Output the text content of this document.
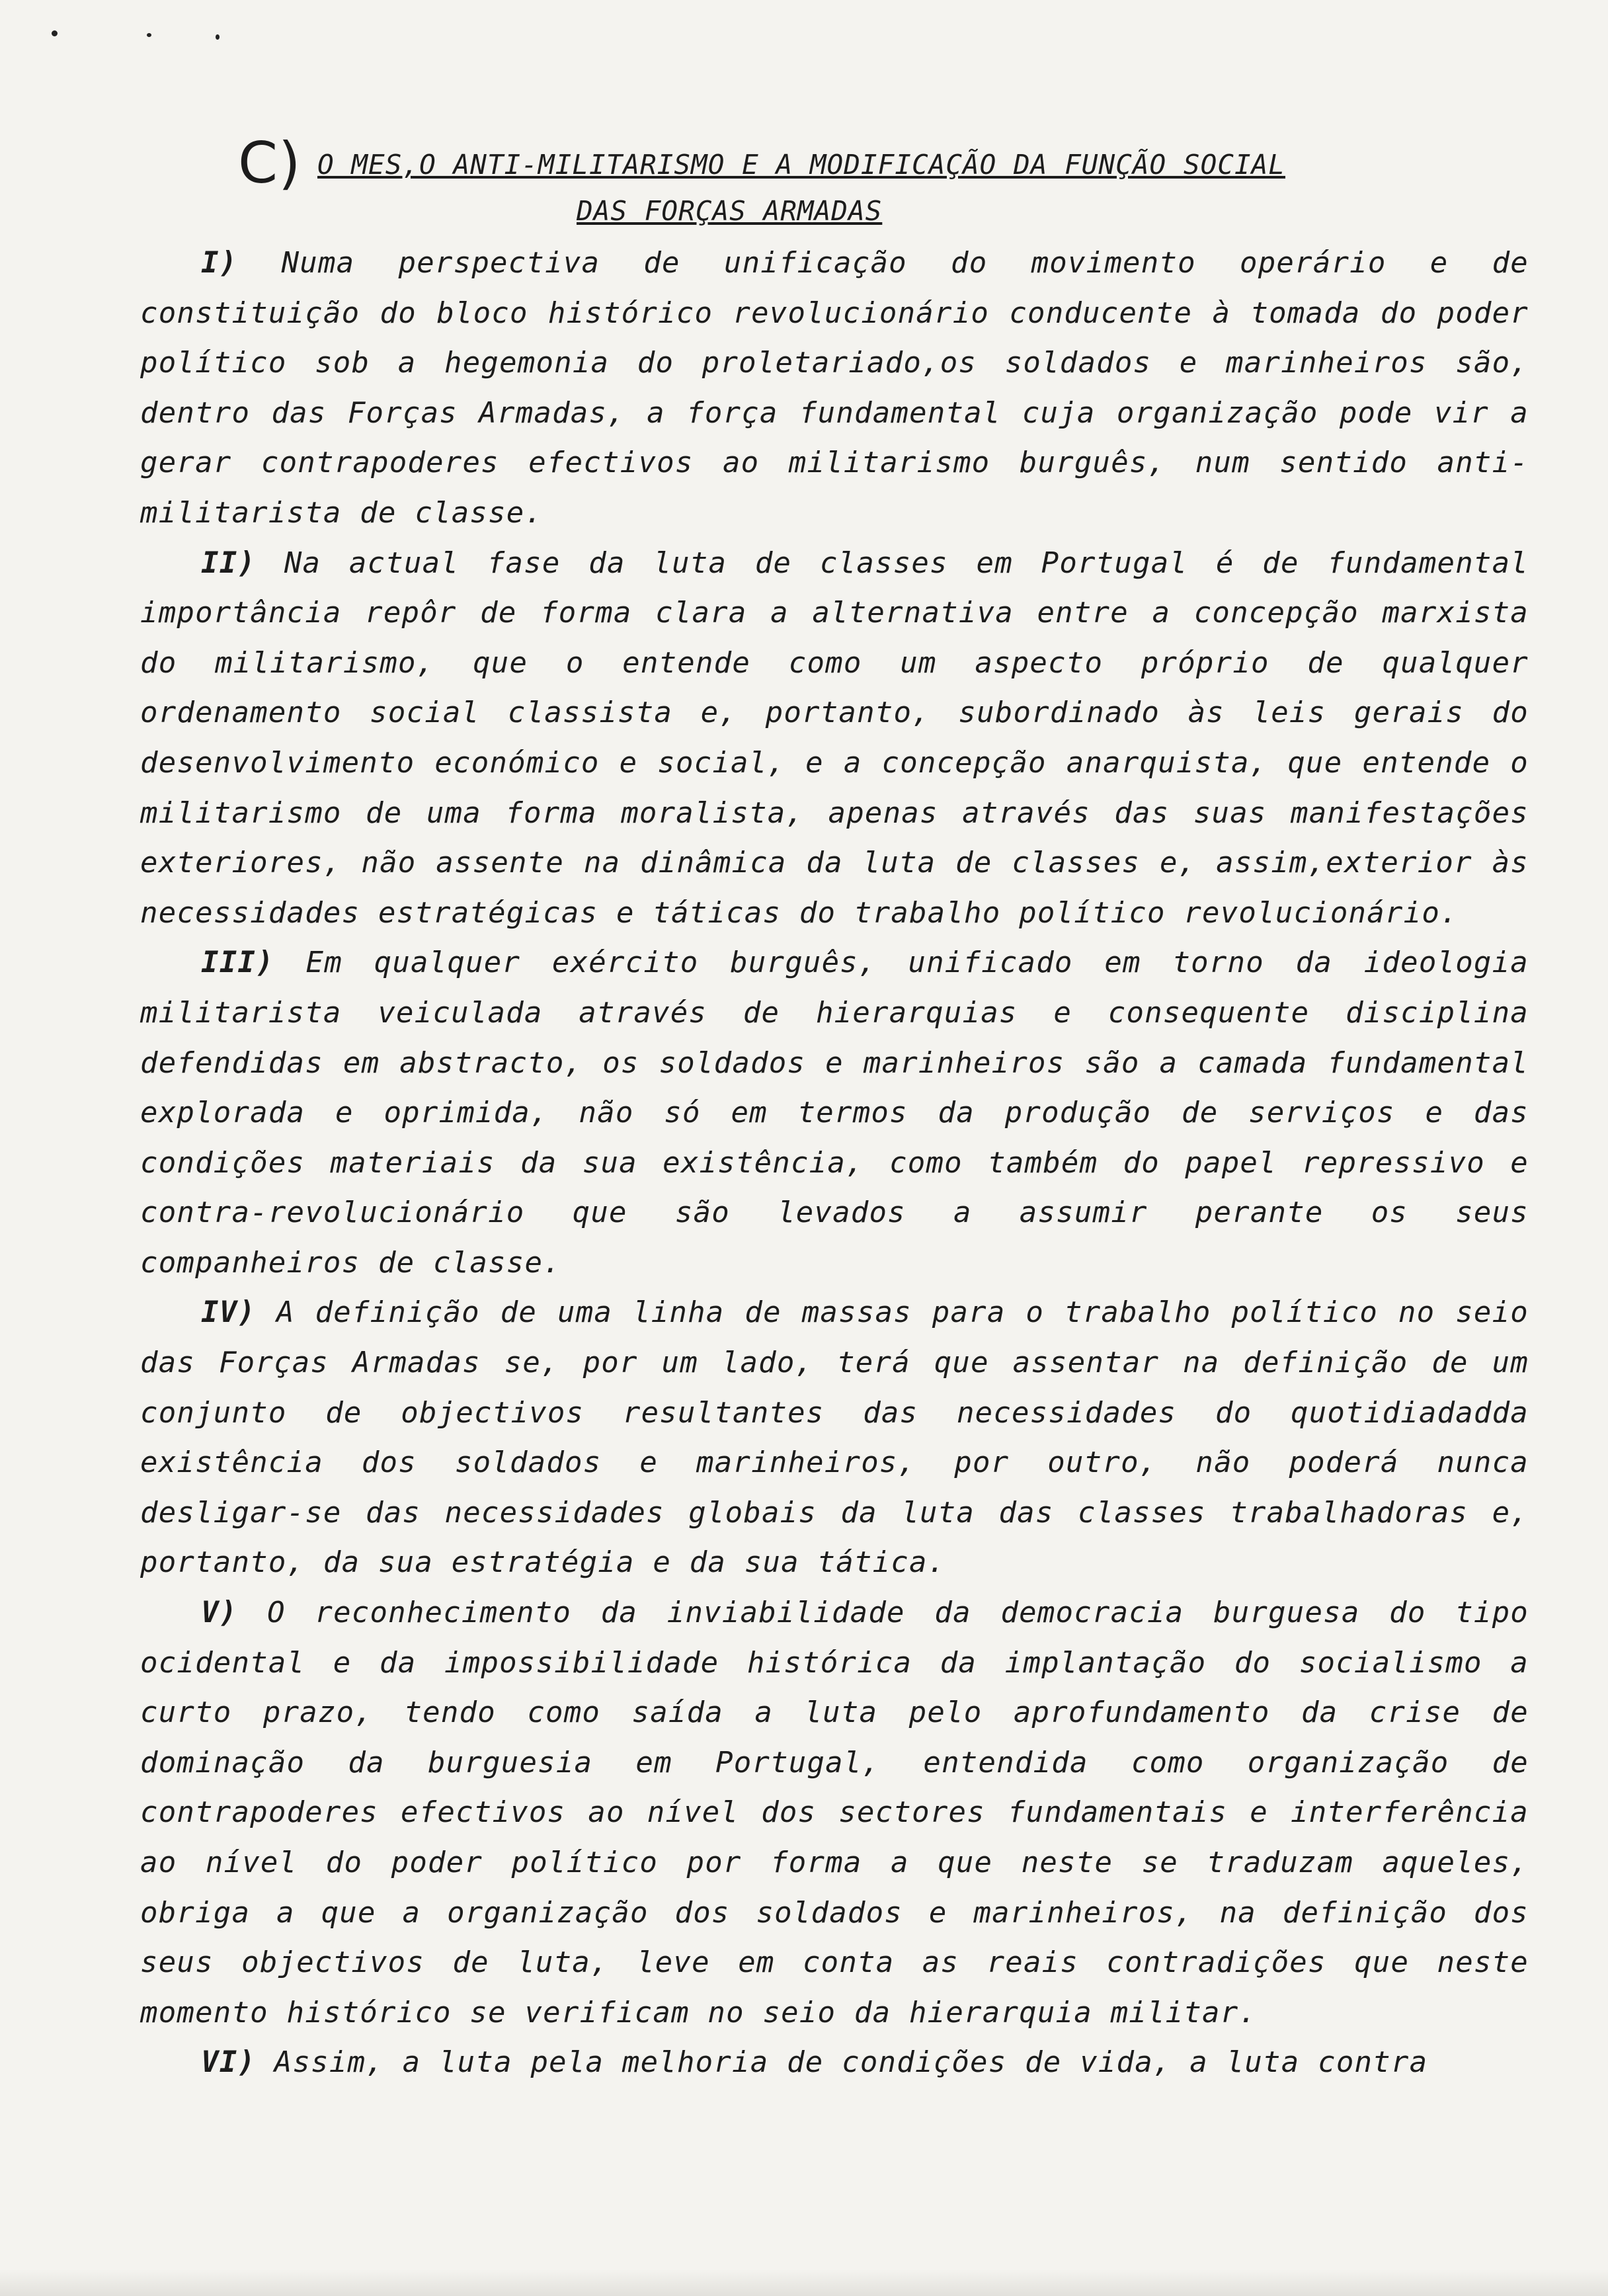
C) O MES,O ANTI-MILITARISMO E A MODIFICAÇÃO DA FUNÇÃO SOCIAL
DAS FORÇAS ARMADAS

I) Numa perspectiva de unificação do movimento operário e de constituição do bloco histórico revolucionário conducente à tomada do poder político sob a hegemonia do proletariado,os soldados e marinheiros são, dentro das Forças Armadas, a força fundamental cuja organização pode vir a gerar contrapoderes efectivos ao militarismo burguês, num sentido anti-militarista de classe.

II) Na actual fase da luta de classes em Portugal é de fundamental importância repôr de forma clara a alternativa entre a concepção marxista do militarismo, que o entende como um aspecto próprio de qualquer ordenamento social classista e, portanto, subordinado às leis gerais do desenvolvimento económico e social, e a concepção anarquista, que entende o militarismo de uma forma moralista, apenas através das suas manifestações exteriores, não assente na dinâmica da luta de classes e, assim,exterior às necessidades estratégicas e táticas do trabalho político revolucionário.

III) Em qualquer exército burguês, unificado em torno da ideologia militarista veiculada através de hierarquias e consequente disciplina defendidas em abstracto, os soldados e marinheiros são a camada fundamental explorada e oprimida, não só em termos da produção de serviços e das condições materiais da sua existência, como também do papel repressivo e contra-revolucionário que são levados a assumir perante os seus companheiros de classe.

IV) A definição de uma linha de massas para o trabalho político no seio das Forças Armadas se, por um lado, terá que assentar na definição de um conjunto de objectivos resultantes das necessidades do quotidiadadda existência dos soldados e marinheiros, por outro, não poderá nunca desligar-se das necessidades globais da luta das classes trabalhadoras e, portanto, da sua estratégia e da sua tática.

V) O reconhecimento da inviabilidade da democracia burguesa do tipo ocidental e da impossibilidade histórica da implantação do socialismo a curto prazo, tendo como saída a luta pelo aprofundamento da crise de dominação da burguesia em Portugal, entendida como organização de contrapoderes efectivos ao nível dos sectores fundamentais e interferência ao nível do poder político por forma a que neste se traduzam aqueles, obriga a que a organização dos soldados e marinheiros, na definição dos seus objectivos de luta, leve em conta as reais contradições que neste momento histórico se verificam no seio da hierarquia militar.

VI) Assim, a luta pela melhoria de condições de vida, a luta contra
